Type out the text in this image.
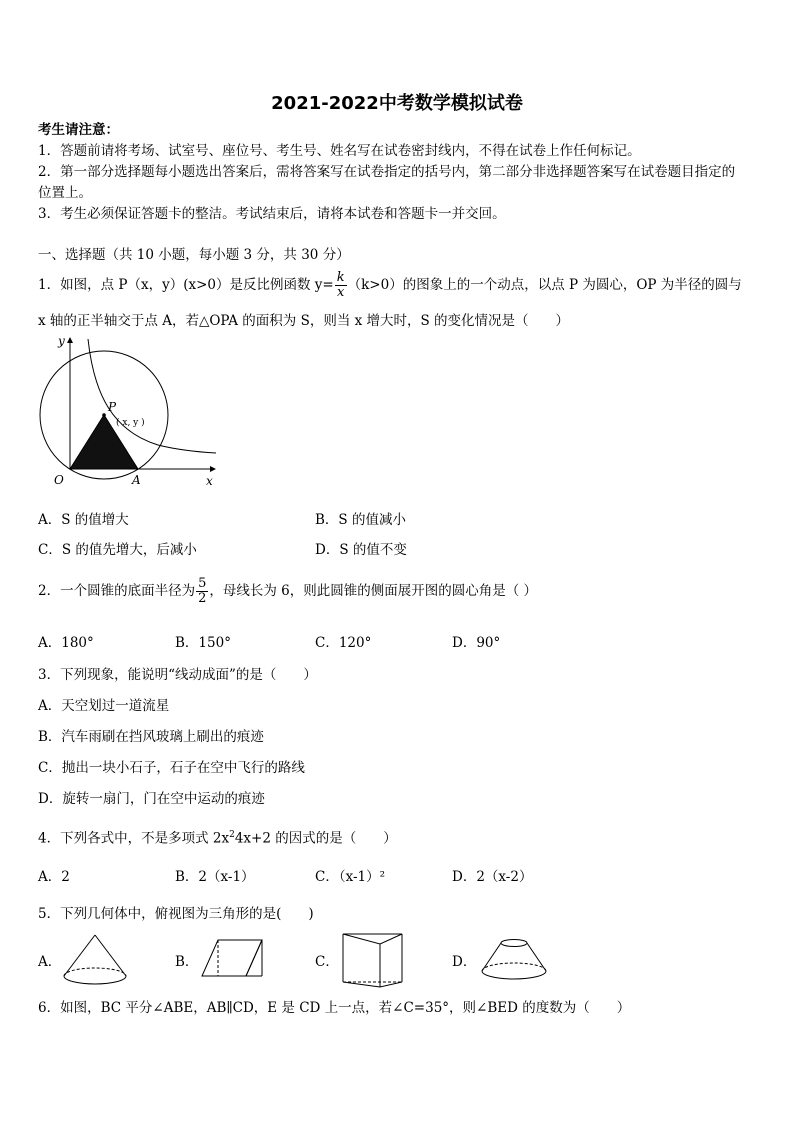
2021-2022中考数学模拟试卷
考生请注意：
1．答题前请将考场、试室号、座位号、考生号、姓名写在试卷密封线内，不得在试卷上作任何标记。
2．第一部分选择题每小题选出答案后，需将答案写在试卷指定的括号内，第二部分非选择题答案写在试卷题目指定的
位置上。
3．考生必须保证答题卡的整洁。考试结束后，请将本试卷和答题卡一并交回。
一、选择题（共 10 小题，每小题 3 分，共 30 分）
1．如图，点 P（x，y）(x>0）是反比例函数 $y= \frac{k}{x} (k>0)$的图象上的一个动点，以点 P 为圆心，OP 为半径的圆与
x 轴的正半轴交于点 A，若△OPA 的面积为 S，则当 x 增大时，S 的变化情况是（　　）
y
x
O	A
P
( x, y )
A．S 的值增大	B．S 的值减小
C．S 的值先增大，后减小	D．S 的值不变
2．一个圆锥的底面半径为 $\frac{5}{2}$ ，母线长为 6，则此圆锥的侧面展开图的圆心角是（ ）
A．180°	B．150°	C．120°	D．90°
3．下列现象，能说明“线动成面”的是（　　）
A．天空划过一道流星
B．汽车雨刷在挡风玻璃上刷出的痕迹
C．抛出一块小石子，石子在空中飞行的路线
D．旋转一扇门，门在空中运动的痕迹
4．下列各式中，不是多项式 $2x^24x+2$ 的因式的是（　　）
A．2	B．2（x-1）	C．（x-1）²	D．2（x-2）
5．下列几何体中，俯视图为三角形的是(　　)
A．	B．	C．	D．
6．如图，BC 平分∠ABE，AB∥CD，E 是 CD 上一点，若∠C=35°，则∠BED 的度数为（　　）
